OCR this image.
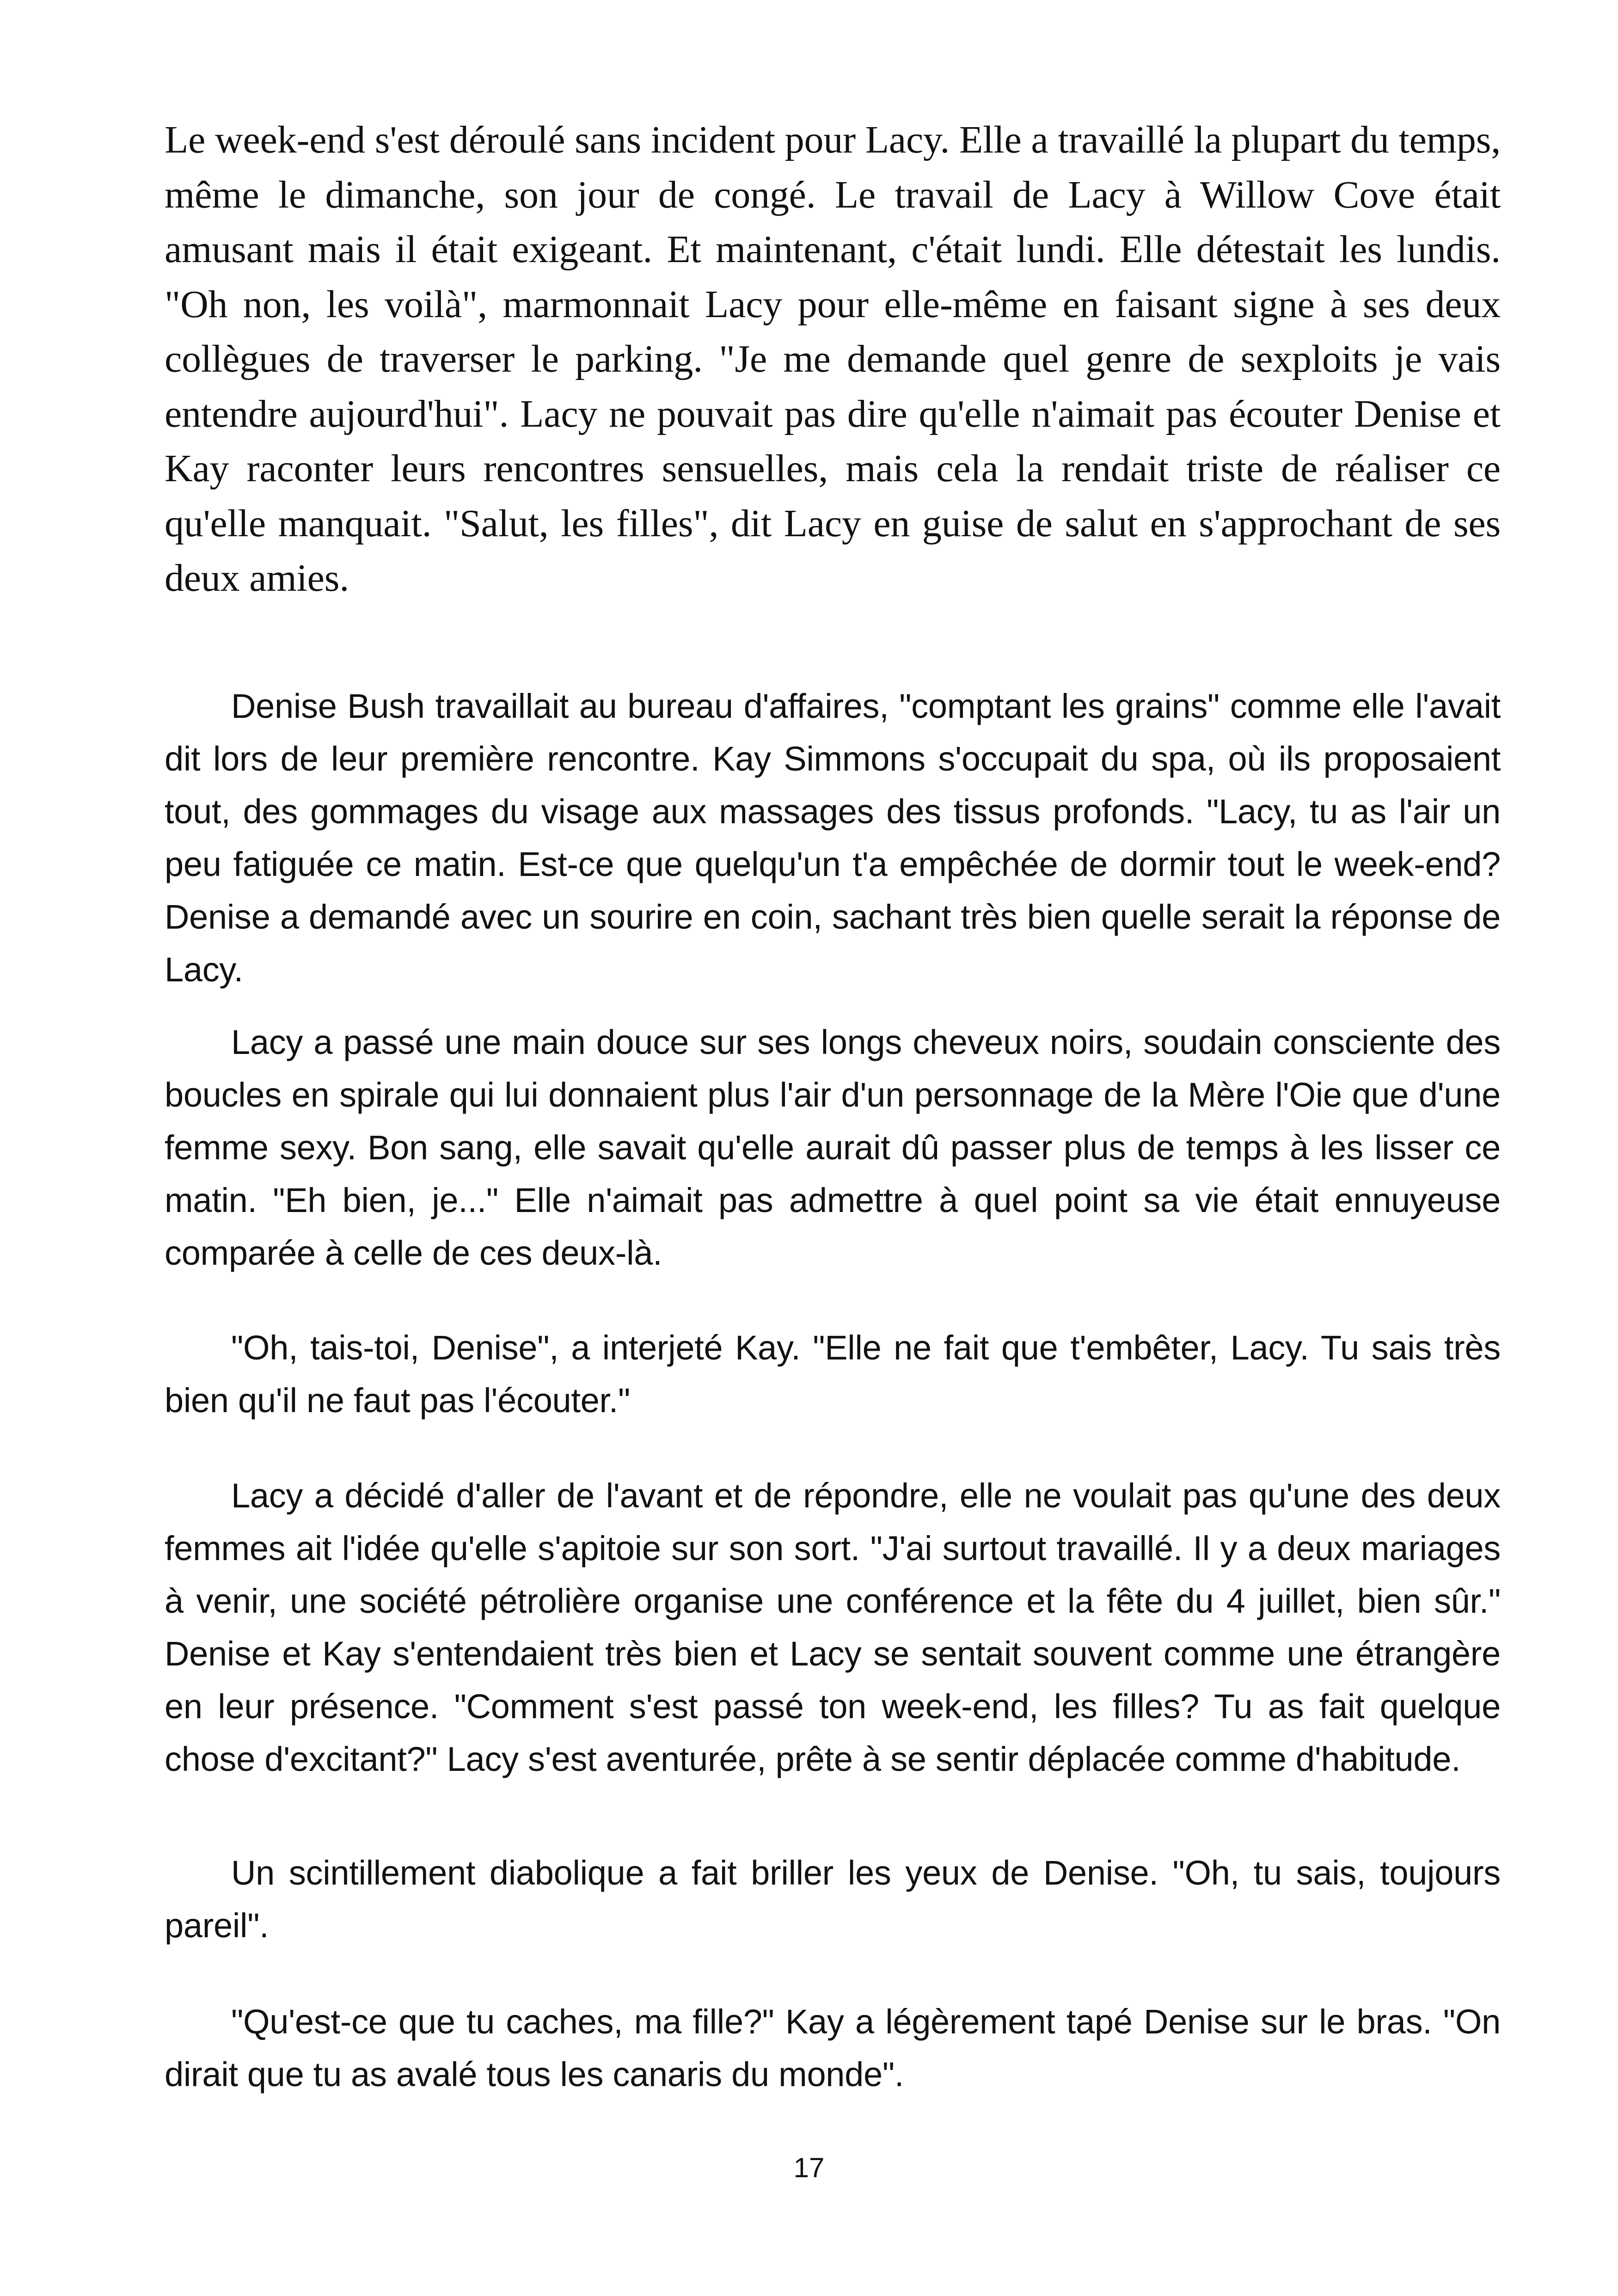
Le week-end s'est déroulé sans incident pour Lacy. Elle a travaillé la plupart du temps, même le dimanche, son jour de congé. Le travail de Lacy à Willow Cove était amusant mais il était exigeant. Et maintenant, c'était lundi. Elle détestait les lundis. "Oh non, les voilà", marmonnait Lacy pour elle-même en faisant signe à ses deux collègues de traverser le parking. "Je me demande quel genre de sexploits je vais entendre aujourd'hui". Lacy ne pouvait pas dire qu'elle n'aimait pas écouter Denise et Kay raconter leurs rencontres sensuelles, mais cela la rendait triste de réaliser ce qu'elle manquait. "Salut, les filles", dit Lacy en guise de salut en s'approchant de ses deux amies.

Denise Bush travaillait au bureau d'affaires, "comptant les grains" comme elle l'avait dit lors de leur première rencontre. Kay Simmons s'occupait du spa, où ils proposaient tout, des gommages du visage aux massages des tissus profonds. "Lacy, tu as l'air un peu fatiguée ce matin. Est-ce que quelqu'un t'a empêchée de dormir tout le week-end? Denise a demandé avec un sourire en coin, sachant très bien quelle serait la réponse de Lacy.

Lacy a passé une main douce sur ses longs cheveux noirs, soudain consciente des boucles en spirale qui lui donnaient plus l'air d'un personnage de la Mère l'Oie que d'une femme sexy. Bon sang, elle savait qu'elle aurait dû passer plus de temps à les lisser ce matin. "Eh bien, je..." Elle n'aimait pas admettre à quel point sa vie était ennuyeuse comparée à celle de ces deux-là.

"Oh, tais-toi, Denise", a interjeté Kay. "Elle ne fait que t'embêter, Lacy. Tu sais très bien qu'il ne faut pas l'écouter."

Lacy a décidé d'aller de l'avant et de répondre, elle ne voulait pas qu'une des deux femmes ait l'idée qu'elle s'apitoie sur son sort. "J'ai surtout travaillé. Il y a deux mariages à venir, une société pétrolière organise une conférence et la fête du 4 juillet, bien sûr." Denise et Kay s'entendaient très bien et Lacy se sentait souvent comme une étrangère en leur présence. "Comment s'est passé ton week-end, les filles? Tu as fait quelque chose d'excitant?" Lacy s'est aventurée, prête à se sentir déplacée comme d'habitude.

Un scintillement diabolique a fait briller les yeux de Denise. "Oh, tu sais, toujours pareil".

"Qu'est-ce que tu caches, ma fille?" Kay a légèrement tapé Denise sur le bras. "On dirait que tu as avalé tous les canaris du monde".

17
